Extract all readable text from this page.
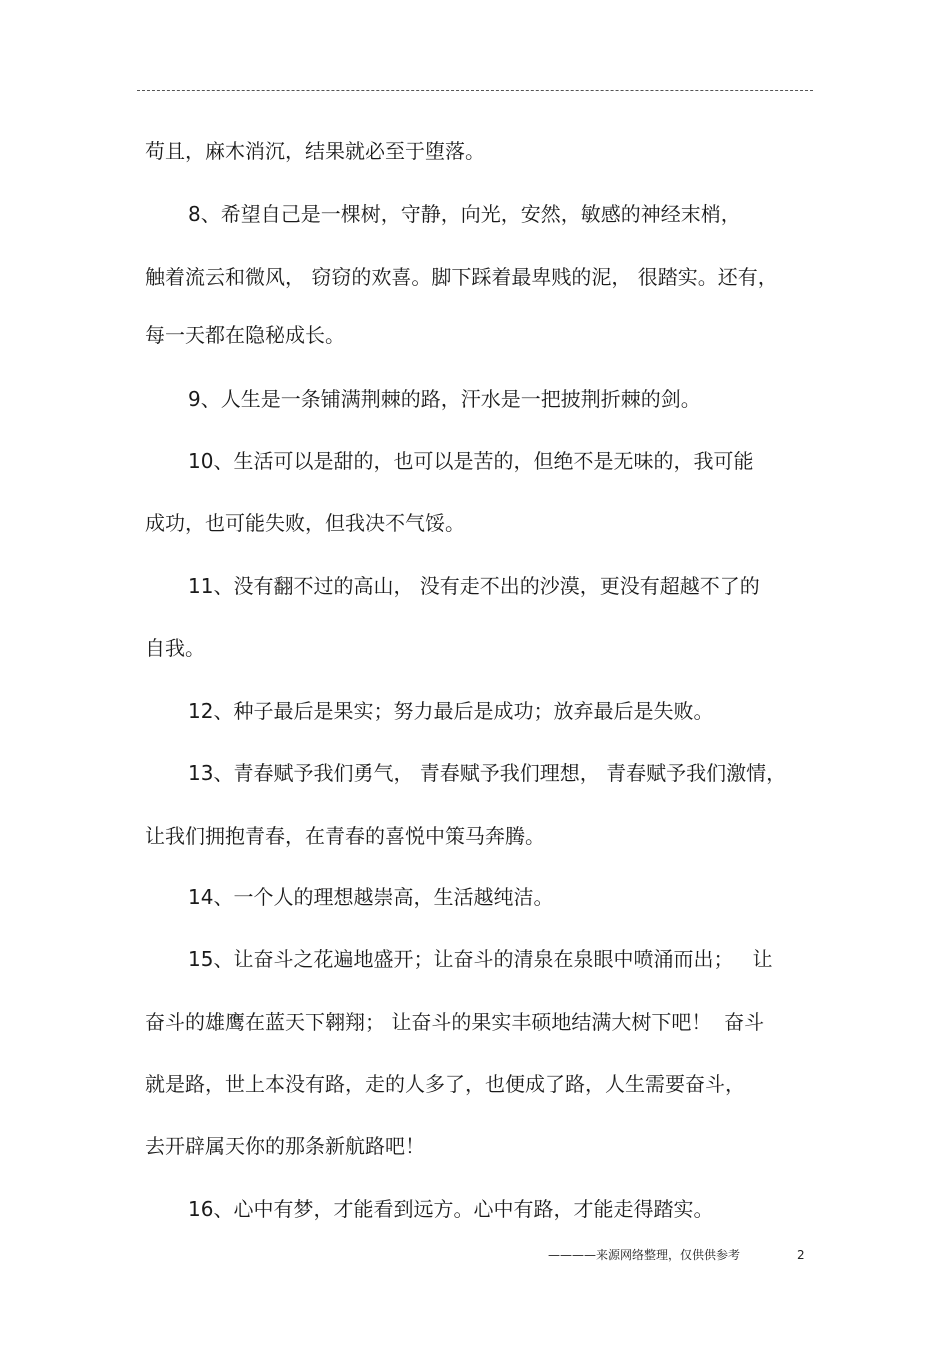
苟且，麻木消沉，结果就必至于堕落。
8、希望自己是一棵树，守静，向光，安然，敏感的神经末梢，
触着流云和微风， 窃窃的欢喜。脚下踩着最卑贱的泥， 很踏实。还有，
每一天都在隐秘成长。
9、人生是一条铺满荆棘的路，汗水是一把披荆折棘的剑。
10、生活可以是甜的，也可以是苦的，但绝不是无味的，我可能
成功，也可能失败，但我决不气馁。
11、没有翻不过的高山， 没有走不出的沙漠，更没有超越不了的
自我。
12、种子最后是果实；努力最后是成功；放弃最后是失败。
13、青春赋予我们勇气， 青春赋予我们理想， 青春赋予我们激情，
让我们拥抱青春，在青春的喜悦中策马奔腾。
14、一个人的理想越崇高，生活越纯洁。
15、让奋斗之花遍地盛开；让奋斗的清泉在泉眼中喷涌而出；   让
奋斗的雄鹰在蓝天下翱翔； 让奋斗的果实丰硕地结满大树下吧！  奋斗
就是路，世上本没有路，走的人多了，也便成了路，人生需要奋斗，
去开辟属天你的那条新航路吧！
16、心中有梦，才能看到远方。心中有路，才能走得踏实。
————来源网络整理，仅供供参考	2
